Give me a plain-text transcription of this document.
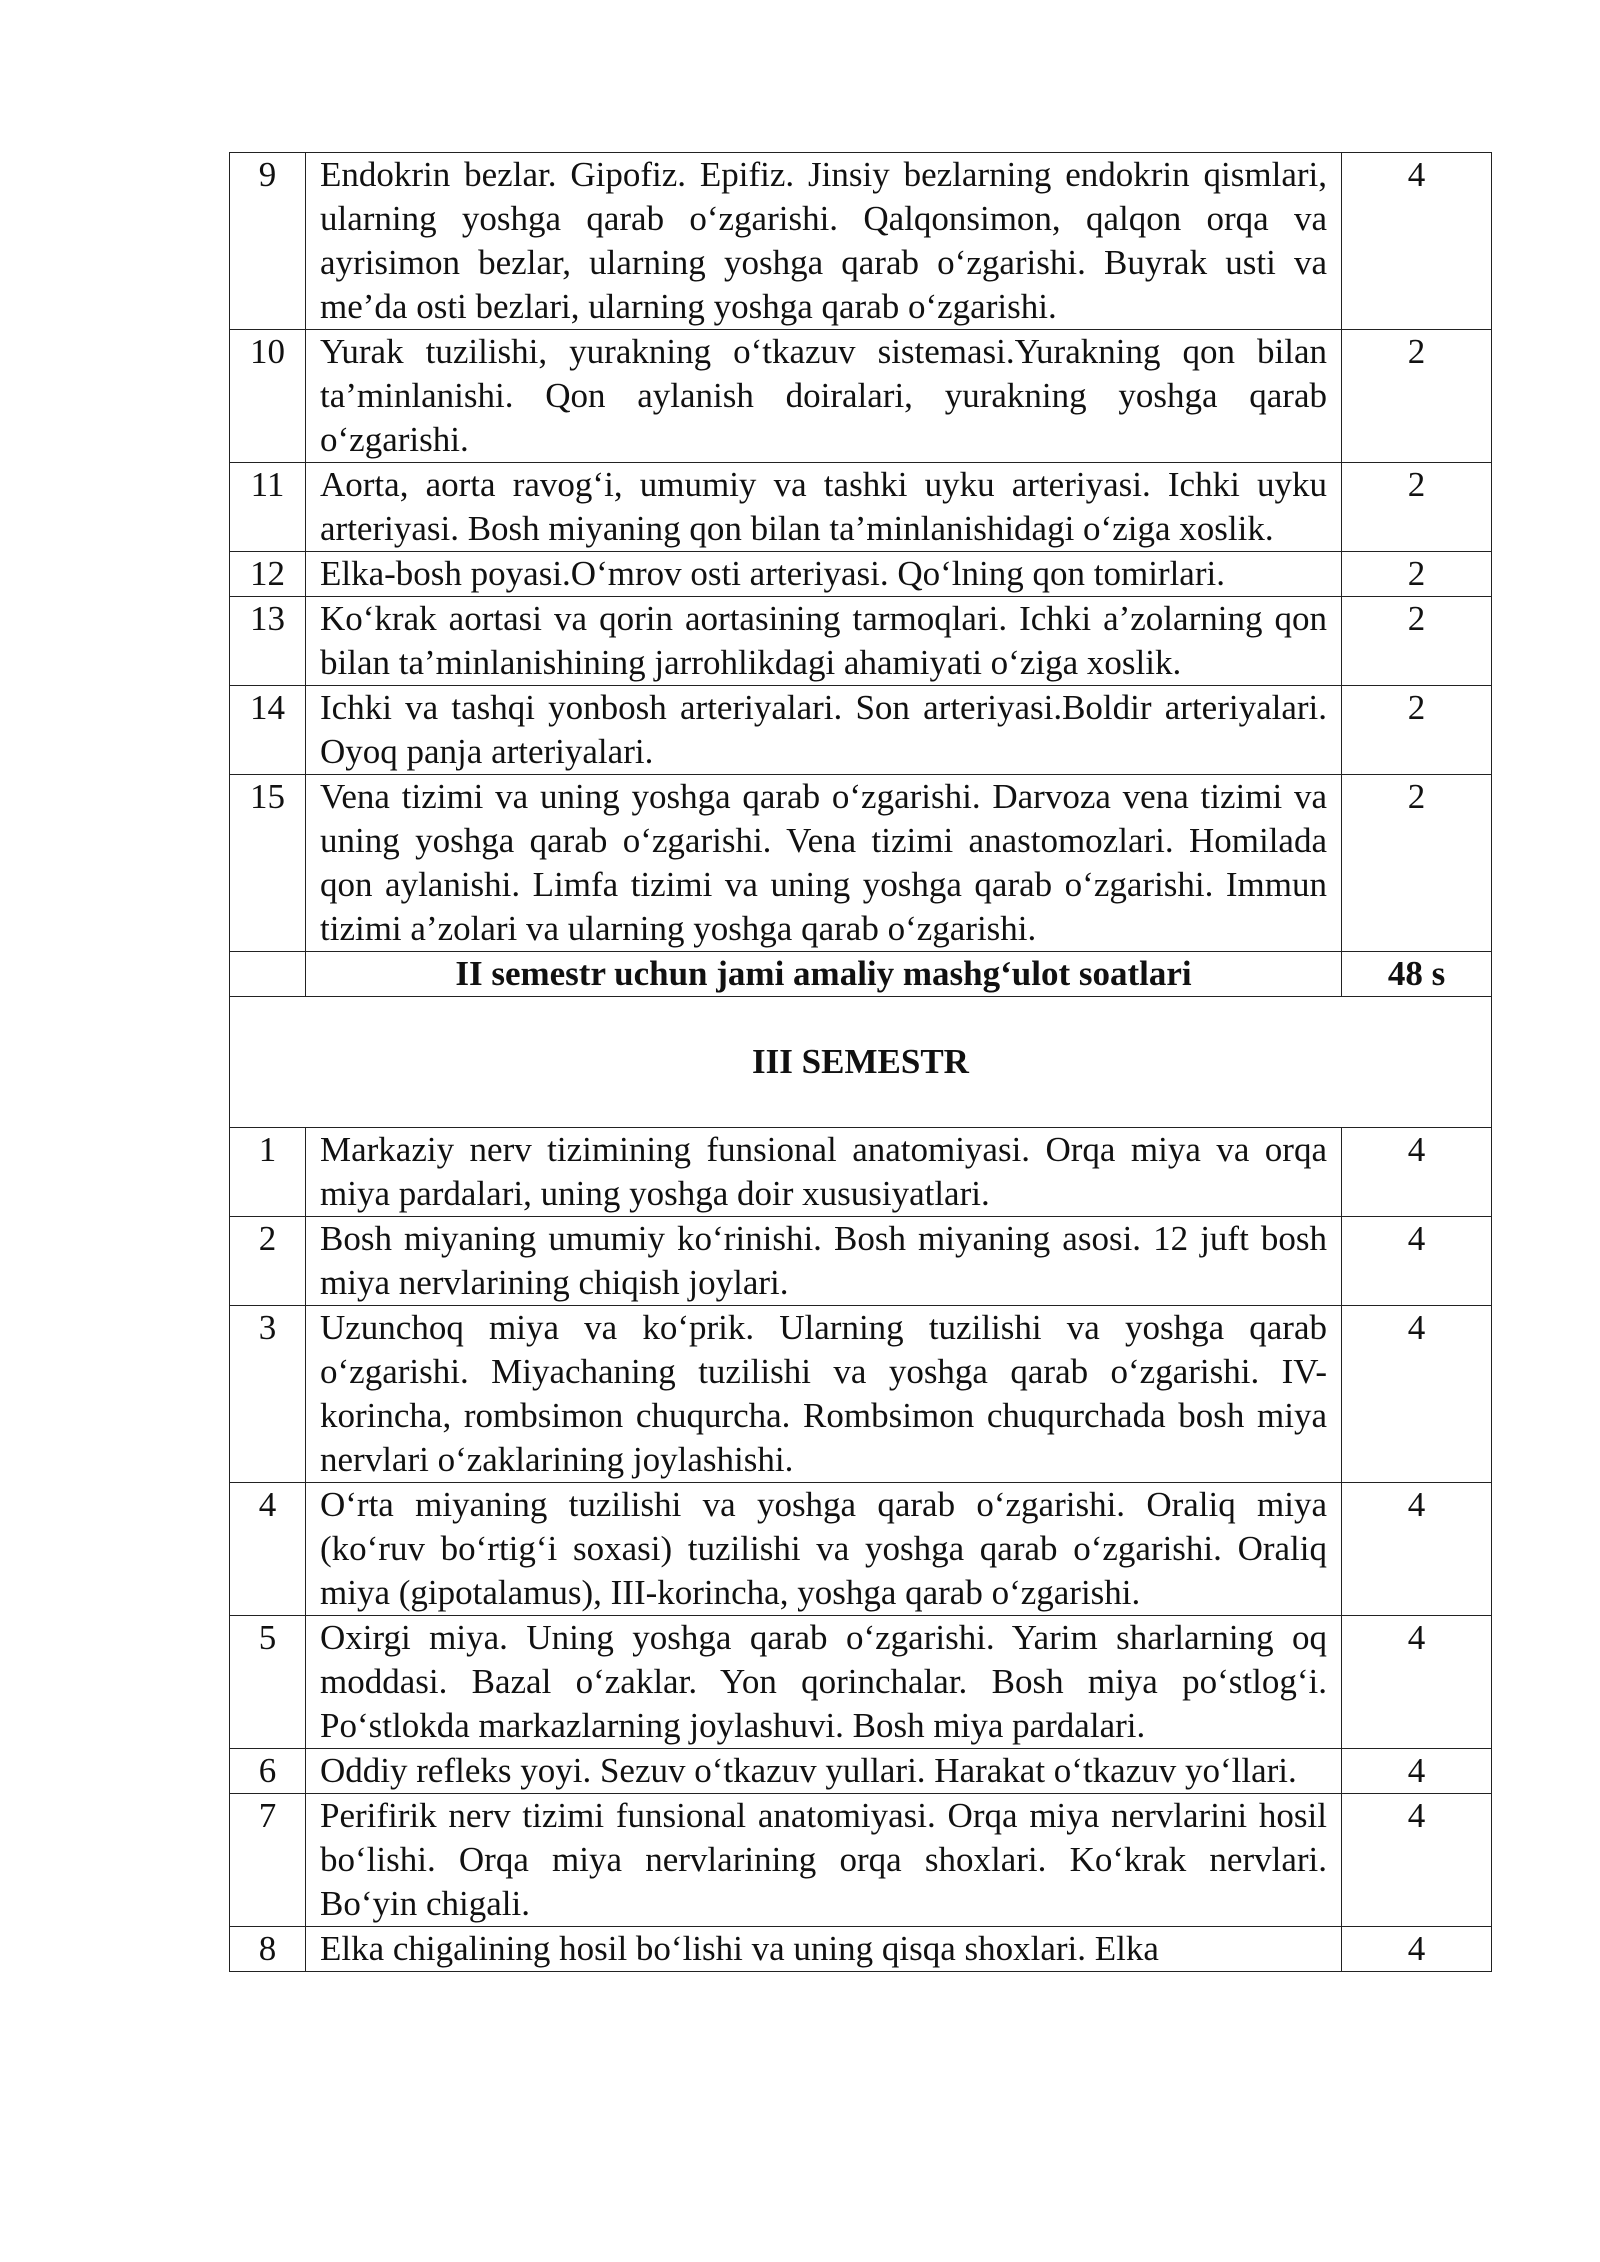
9	Endokrin bezlar. Gipofiz. Epifiz. Jinsiy bezlarning endokrin qismlari, ularning yoshga qarab o‘zgarishi. Qalqonsimon, qalqon orqa va ayrisimon bezlar, ularning yoshga qarab o‘zgarishi. Buyrak usti va me’da osti bezlari, ularning yoshga qarab o‘zgarishi.	4
10	Yurak tuzilishi, yurakning o‘tkazuv sistemasi.Yurakning qon bilan ta’minlanishi. Qon aylanish doiralari, yurakning yoshga qarab o‘zgarishi.	2
11	Aorta, aorta ravog‘i, umumiy va tashki uyku arteriyasi. Ichki uyku arteriyasi. Bosh miyaning qon bilan ta’minlanishidagi o‘ziga xoslik.	2
12	Elka-bosh poyasi.O‘mrov osti arteriyasi. Qo‘lning qon tomirlari.	2
13	Ko‘krak aortasi va qorin aortasining tarmoqlari. Ichki a’zolarning qon bilan ta’minlanishining jarrohlikdagi ahamiyati o‘ziga xoslik.	2
14	Ichki va tashqi yonbosh arteriyalari. Son arteriyasi.Boldir arteriyalari. Oyoq panja arteriyalari.	2
15	Vena tizimi va uning yoshga qarab o‘zgarishi. Darvoza vena tizimi va uning yoshga qarab o‘zgarishi. Vena tizimi anastomozlari. Homilada qon aylanishi. Limfa tizimi va uning yoshga qarab o‘zgarishi. Immun tizimi a’zolari va ularning yoshga qarab o‘zgarishi.	2
	II semestr uchun jami amaliy mashg‘ulot soatlari	48 s
III SEMESTR		
1	Markaziy nerv tizimining funsional anatomiyasi. Orqa miya va orqa miya pardalari, uning yoshga doir xususiyatlari.	4
2	Bosh miyaning umumiy ko‘rinishi. Bosh miyaning asosi. 12 juft bosh miya nervlarining chiqish joylari.	4
3	Uzunchoq miya va ko‘prik. Ularning tuzilishi va yoshga qarab o‘zgarishi. Miyachaning tuzilishi va yoshga qarab o‘zgarishi. IV-korincha, rombsimon chuqurcha. Rombsimon chuqurchada bosh miya nervlari o‘zaklarining joylashishi.	4
4	O‘rta miyaning tuzilishi va yoshga qarab o‘zgarishi. Oraliq miya (ko‘ruv bo‘rtig‘i soxasi) tuzilishi va yoshga qarab o‘zgarishi. Oraliq miya (gipotalamus), III-korincha, yoshga qarab o‘zgarishi.	4
5	Oxirgi miya. Uning yoshga qarab o‘zgarishi. Yarim sharlarning oq moddasi. Bazal o‘zaklar. Yon qorinchalar. Bosh miya po‘stlog‘i. Po‘stlokda markazlarning joylashuvi. Bosh miya pardalari.	4
6	Oddiy refleks yoyi. Sezuv o‘tkazuv yullari. Harakat o‘tkazuv yo‘llari.	4
7	Perifirik nerv tizimi funsional anatomiyasi. Orqa miya nervlarini hosil bo‘lishi. Orqa miya nervlarining orqa shoxlari. Ko‘krak nervlari. Bo‘yin chigali.	4
8	Elka chigalining hosil bo‘lishi va uning qisqa shoxlari. Elka	4
